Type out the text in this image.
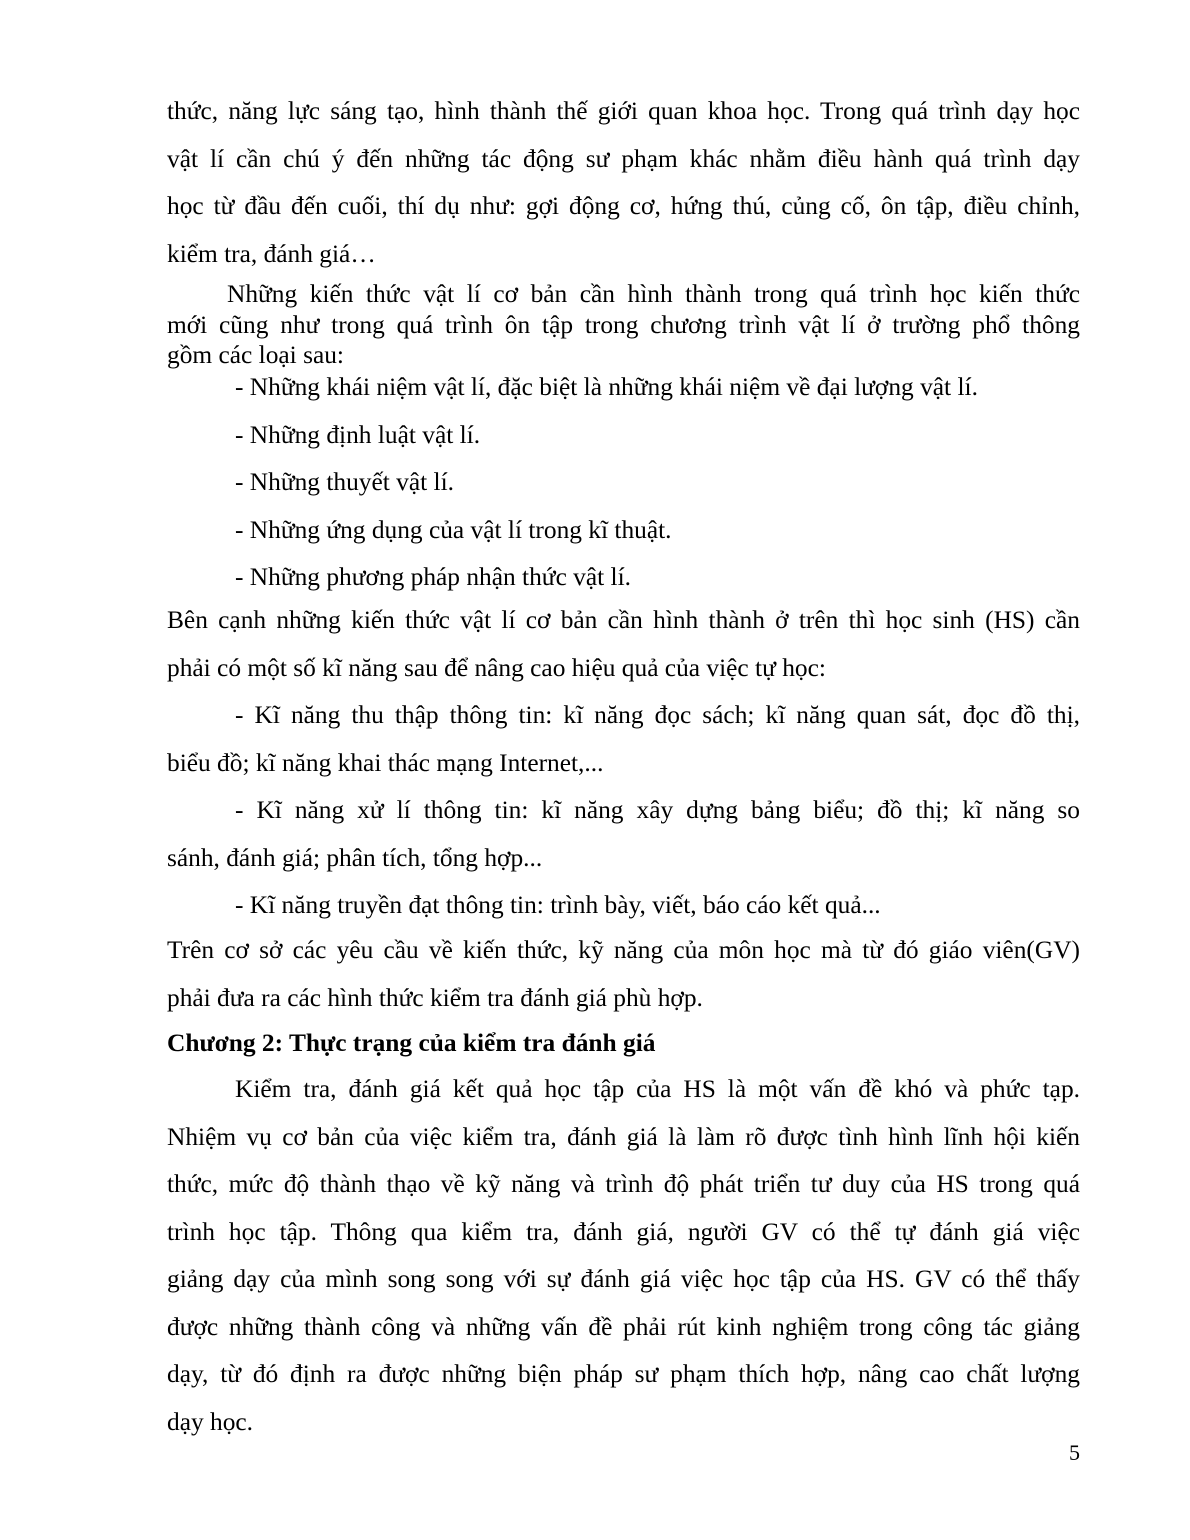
thức, năng lực sáng tạo, hình thành thế giới quan khoa học. Trong quá trình dạy học
vật lí cần chú ý đến những tác động sư phạm khác nhằm điều hành quá trình dạy
học từ đầu đến cuối, thí dụ như: gợi động cơ, hứng thú, củng cố, ôn tập, điều chỉnh,
kiểm tra, đánh giá…
Những kiến thức vật lí cơ bản cần hình thành trong quá trình học kiến thức
mới cũng như trong quá trình ôn tập trong chương trình vật lí ở trường phổ thông
gồm các loại sau:
- Những khái niệm vật lí, đặc biệt là những khái niệm về đại lượng vật lí.
- Những định luật vật lí.
- Những thuyết vật lí.
- Những ứng dụng của vật lí trong kĩ thuật.
- Những phương pháp nhận thức vật lí.
Bên cạnh những kiến thức vật lí cơ bản cần hình thành ở trên thì học sinh (HS) cần
phải có một số kĩ năng sau để nâng cao hiệu quả của việc tự học:
- Kĩ năng thu thập thông tin: kĩ năng đọc sách; kĩ năng quan sát, đọc đồ thị,
biểu đồ; kĩ năng khai thác mạng Internet,...
- Kĩ năng xử lí thông tin: kĩ năng xây dựng bảng biểu; đồ thị; kĩ năng so
sánh, đánh giá; phân tích, tổng hợp...
- Kĩ năng truyền đạt thông tin: trình bày, viết, báo cáo kết quả...
Trên cơ sở các yêu cầu về kiến thức, kỹ năng của môn học mà từ đó giáo viên(GV)
phải đưa ra các hình thức kiểm tra đánh giá phù hợp.
Chương 2: Thực trạng của kiểm tra đánh giá
Kiểm tra, đánh giá kết quả học tập của HS là một vấn đề khó và phức tạp.
Nhiệm vụ cơ bản của việc kiểm tra, đánh giá là làm rõ được tình hình lĩnh hội kiến
thức, mức độ thành thạo về kỹ năng và trình độ phát triển tư duy của HS trong quá
trình học tập. Thông qua kiểm tra, đánh giá, người GV có thể tự đánh giá việc
giảng dạy của mình song song với sự đánh giá việc học tập của HS. GV có thể thấy
được những thành công và những vấn đề phải rút kinh nghiệm trong công tác giảng
dạy, từ đó định ra được những biện pháp sư phạm thích hợp, nâng cao chất lượng
dạy học.
5
